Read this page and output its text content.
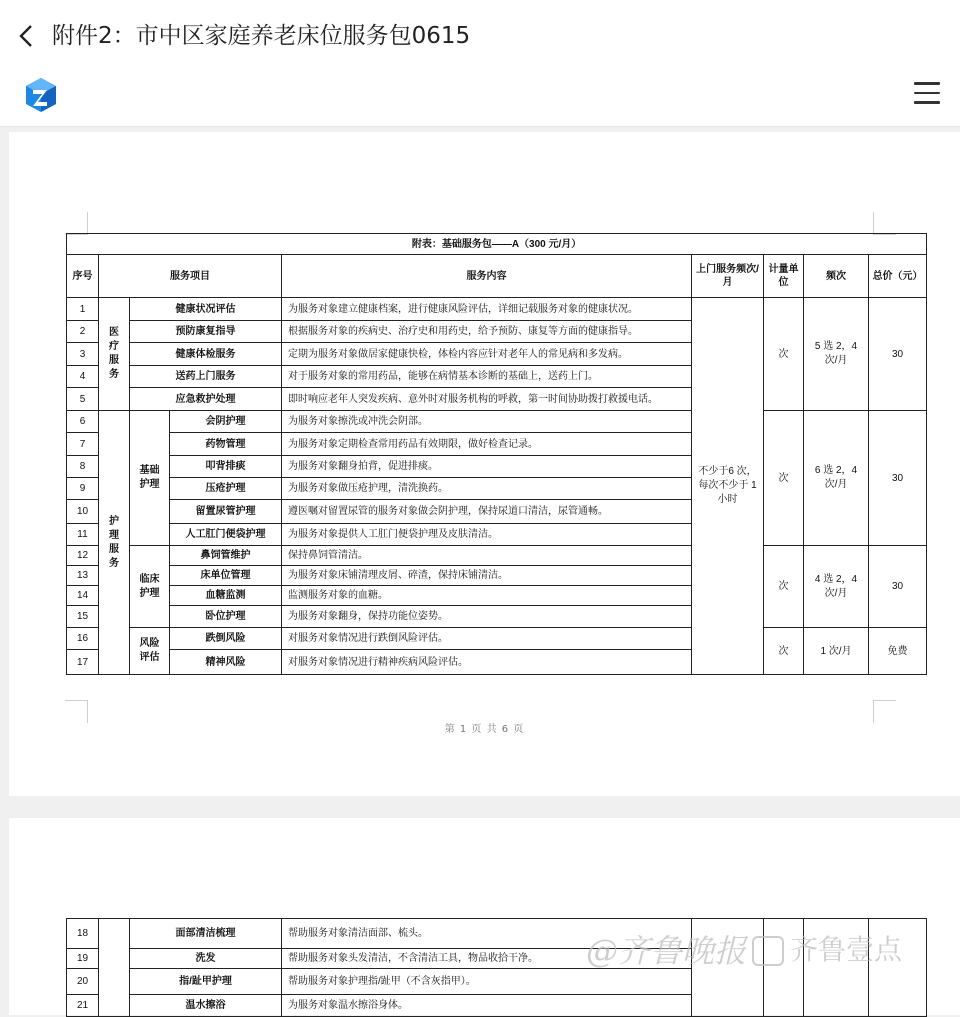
附件2：市中区家庭养老床位服务包0615
附表：基础服务包——A（300 元/月）								
序号	服务项目			服务内容	上门服务频次/月	计量单位	频次	总价（元）
1	医疗服务	健康状况评估		为服务对象建立健康档案，进行健康风险评估，详细记载服务对象的健康状况。	不少于6 次，每次不少于 1 小时	次	5 选 2，4 次/月	30
2		预防康复指导		根据服务对象的疾病史、治疗史和用药史，给予预防、康复等方面的健康指导。				
3		健康体检服务		定期为服务对象做居家健康快检，体检内容应针对老年人的常见病和多发病。				
4		送药上门服务		对于服务对象的常用药品，能够在病情基本诊断的基础上，送药上门。				
5		应急救护处理		即时响应老年人突发疾病、意外时对服务机构的呼救，第一时间协助拨打救援电话。				
6	护理服务	基础护理	会阴护理	为服务对象擦洗或冲洗会阴部。		次	6 选 2，4 次/月	30
7			药物管理	为服务对象定期检查常用药品有效期限，做好检查记录。				
8			叩背排痰	为服务对象翻身拍背，促进排痰。				
9			压疮护理	为服务对象做压疮护理，清洗换药。				
10			留置尿管护理	遵医嘱对留置尿管的服务对象做会阴护理，保持尿道口清洁，尿管通畅。				
11			人工肛门便袋护理	为服务对象提供人工肛门便袋护理及皮肤清洁。				
12		临床护理	鼻饲管维护	保持鼻饲管清洁。		次	4 选 2，4 次/月	30
13			床单位管理	为服务对象床铺清理皮屑、碎渣，保持床铺清洁。				
14			血糖监测	监测服务对象的血糖。				
15			卧位护理	为服务对象翻身，保持功能位姿势。				
16		风险评估	跌倒风险	对服务对象情况进行跌倒风险评估。		次	1 次/月	免费
17			精神风险	对服务对象情况进行精神疾病风险评估。				
第 1 页 共 6 页
18		面部清洁梳理	帮助服务对象清洁面部、梳头。				
19		洗发	帮助服务对象头发清洁，不含清洁工具，物品收拾干净。				
20		指/趾甲护理	帮助服务对象护理指/趾甲（不含灰指甲）。				
21		温水擦浴	为服务对象温水擦浴身体。				
@齐鲁晚报	齐鲁壹点
